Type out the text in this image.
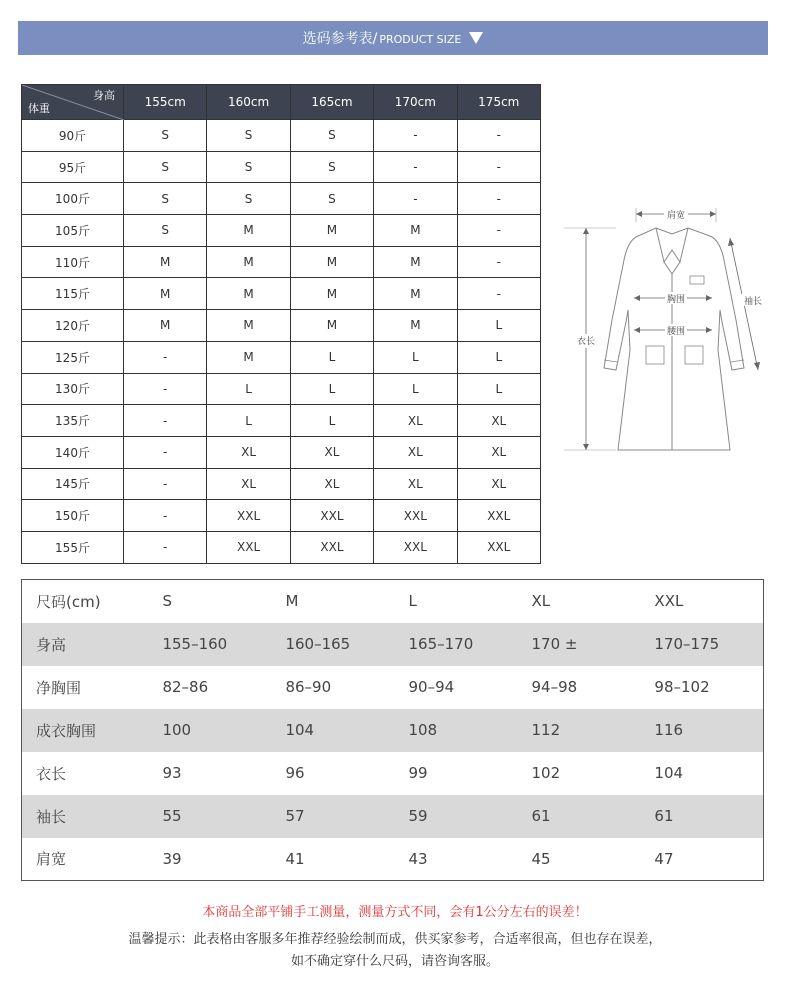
选码参考表/ PRODUCT SIZE
身高
体重	155cm	160cm	165cm	170cm	175cm
90斤	S	S	S	-	-
95斤	S	S	S	-	-
100斤	S	S	S	-	-
105斤	S	M	M	M	-
110斤	M	M	M	M	-
115斤	M	M	M	M	-
120斤	M	M	M	M	L
125斤	-	M	L	L	L
130斤	-	L	L	L	L
135斤	-	L	L	XL	XL
140斤	-	XL	XL	XL	XL
145斤	-	XL	XL	XL	XL
150斤	-	XXL	XXL	XXL	XXL
155斤	-	XXL	XXL	XXL	XXL
肩宽
胸围
腰围
袖长
衣长
尺码(cm)	S	M	L	XL	XXL
身高	155–160	160–165	165–170	170 ±	170–175
净胸围	82–86	86–90	90–94	94–98	98–102
成衣胸围	100	104	108	112	116
衣长	93	96	99	102	104
袖长	55	57	59	61	61
肩宽	39	41	43	45	47
本商品全部平铺手工测量，测量方式不同，会有1公分左右的误差！
温馨提示：此表格由客服多年推荐经验绘制而成，供买家参考，合适率很高，但也存在误差，
如不确定穿什么尺码，请咨询客服。
